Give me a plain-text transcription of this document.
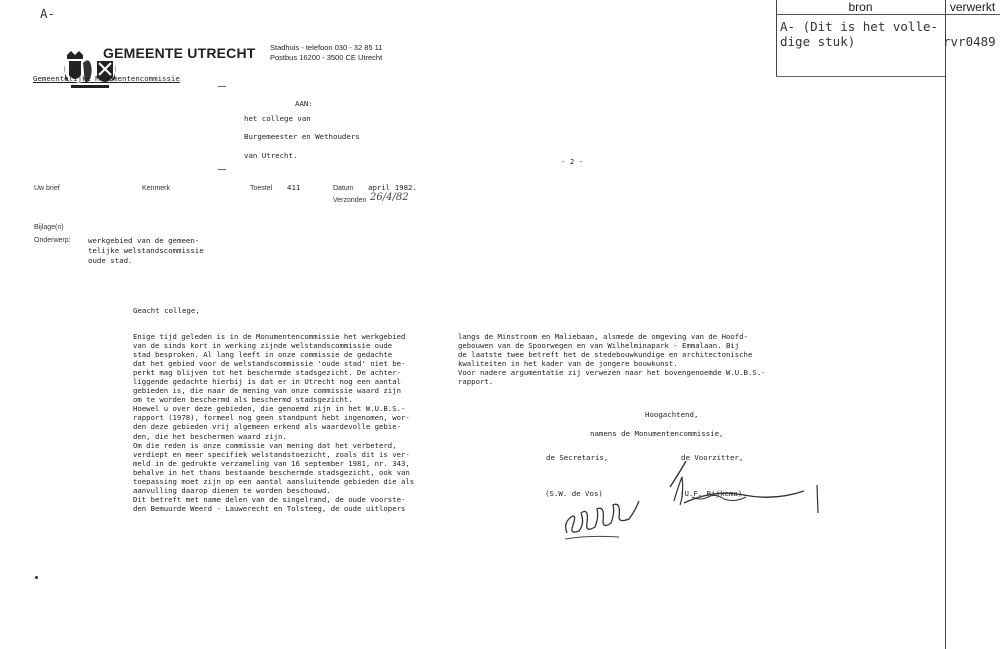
bron	verwerkt
A- (Dit is het volle-
dige stuk)	rvr0489
A-

GEMEENTE UTRECHT Stadhuis - telefoon 030 - 32 85 11
Postbus 16200 - 3500 CE Utrecht
Gemeentelijke Monumentencommissie
AAN:
het college van
Burgemeester en Wethouders
van Utrecht.
- 2 -
Uw brief	Kenmerk	Toestel 411	Datum april 1982.
Verzonden 26/4/82
Bijlage(n)
Onderwerp: werkgebied van de gemeen-
telijke welstandscommissie
oude stad.
Geacht college,
Enige tijd geleden is in de Monumentencommissie het werkgebied
van de sinds kort in werking zijnde welstandscommissie oude
stad besproken. Al lang leeft in onze commissie de gedachte
dat het gebied voor de welstandscommissie 'oude stad' niet be-
perkt mag blijven tot het beschermde stadsgezicht. De achter-
liggende gedachte hierbij is dat er in Utrecht nog een aantal
gebieden is, die naar de mening van onze commissie waard zijn
om te worden beschermd als beschermd stadsgezicht.
Hoewel u over deze gebieden, die genoemd zijn in het W.U.B.S.-
rapport (1978), formeel nog geen standpunt hebt ingenomen, wor-
den deze gebieden vrij algemeen erkend als waardevolle gebie-
den, die het beschermen waard zijn.
Om die reden is onze commissie van mening dat het verbeterd,
verdiept en meer specifiek welstandstoezicht, zoals dit is ver-
meld in de gedrukte verzameling van 16 september 1981, nr. 343,
behalve in het thans bestaande beschermde stadsgezicht, ook van
toepassing moet zijn op een aantal aansluitende gebieden die als
aanvulling daarop dienen te worden beschouwd.
Dit betreft met name delen van de singelrand, de oude voorste-
den Bemuurde Weerd - Lauwerecht en Tolsteeg, de oude uitlopers
langs de Minstroom en Maliebaan, alsmede de omgeving van de Hoofd-
gebouwen van de Spoorwegen en van Wilhelminapark - Emmalaan. Bij
de laatste twee betreft het de stedebouwkundige en architectonische
kwaliteiten in het kader van de jongere bouwkunst.
Voor nadere argumentatie zij verwezen naar het bovengenoemde W.U.B.S.-
rapport.
Hoogachtend,
namens de Monumentencommissie,
de Secretaris,	de Voorzitter,
(S.W. de Vos)	(U.F. Rijkema).
